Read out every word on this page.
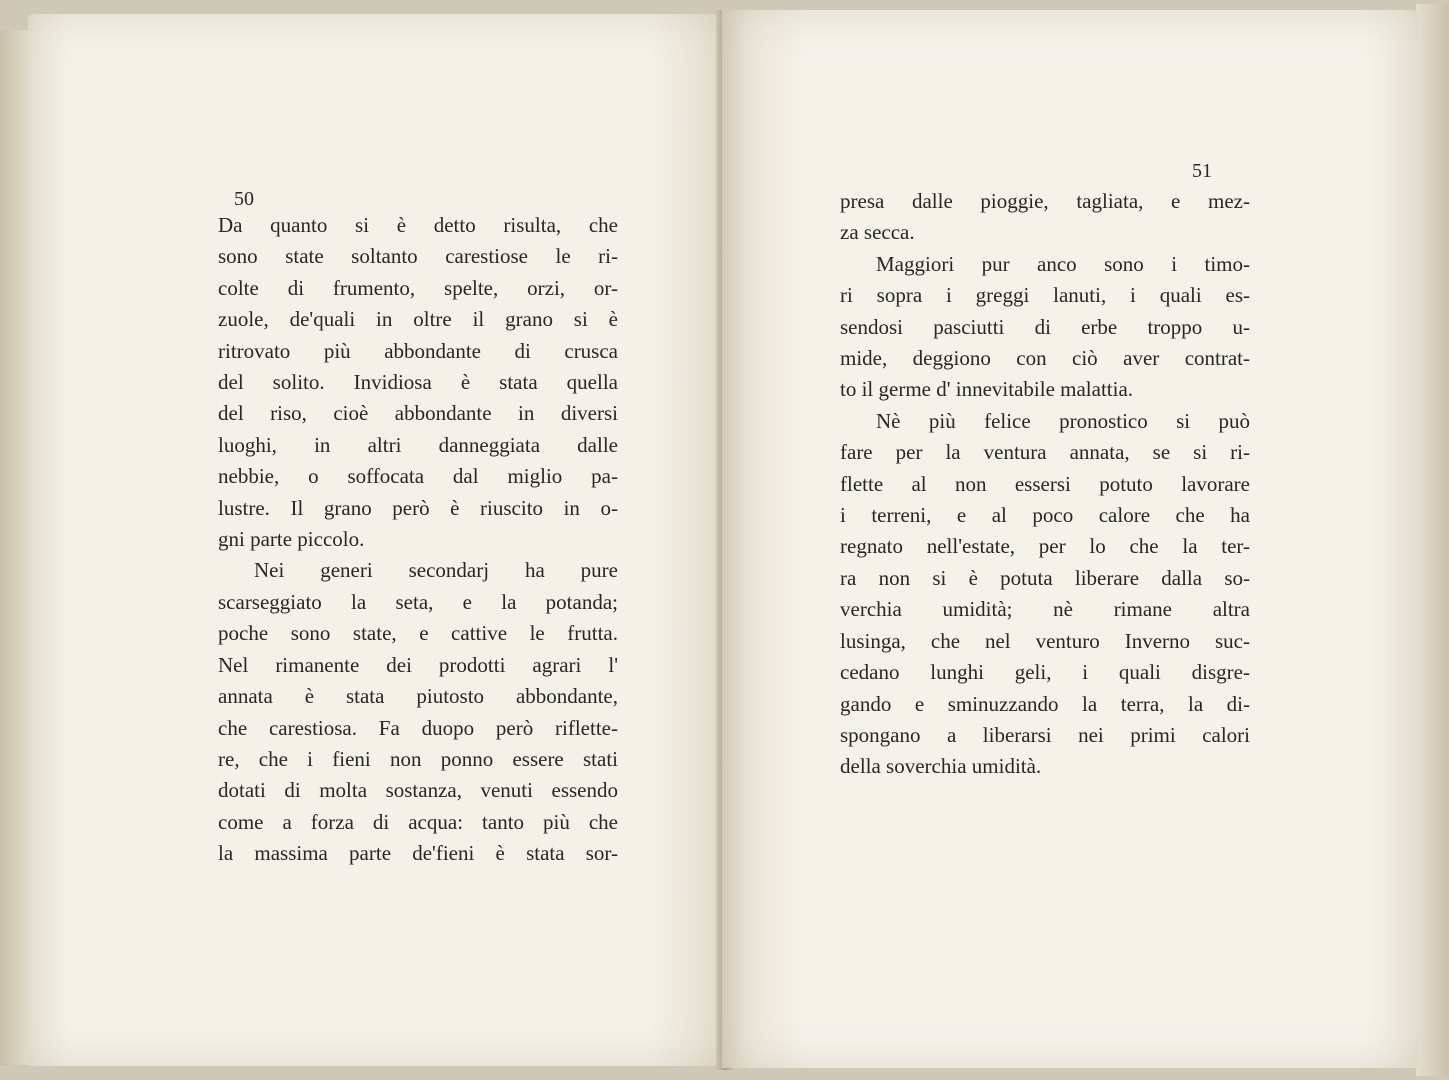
50
Da quanto si è detto risulta, che
sono state soltanto carestiose le ri-
colte di frumento, spelte, orzi, or-
zuole, de'quali in oltre il grano si è
ritrovato più abbondante di crusca
del solito. Invidiosa è stata quella
del riso, cioè abbondante in diversi
luoghi, in altri danneggiata dalle
nebbie, o soffocata dal miglio pa-
lustre. Il grano però è riuscito in o-
gni parte piccolo.
Nei generi secondarj ha pure
scarseggiato la seta, e la potanda;
poche sono state, e cattive le frutta.
Nel rimanente dei prodotti agrari l'
annata è stata piutosto abbondante,
che carestiosa. Fa duopo però riflette-
re, che i fieni non ponno essere stati
dotati di molta sostanza, venuti essendo
come a forza di acqua: tanto più che
la massima parte de'fieni è stata sor-
51
presa dalle pioggie, tagliata, e mez-
za secca.
Maggiori pur anco sono i timo-
ri sopra i greggi lanuti, i quali es-
sendosi pasciutti di erbe troppo u-
mide, deggiono con ciò aver contrat-
to il germe d' innevitabile malattia.
Nè più felice pronostico si può
fare per la ventura annata, se si ri-
flette al non essersi potuto lavorare
i terreni, e al poco calore che ha
regnato nell'estate, per lo che la ter-
ra non si è potuta liberare dalla so-
verchia umidità; nè rimane altra
lusinga, che nel venturo Inverno suc-
cedano lunghi geli, i quali disgre-
gando e sminuzzando la terra, la di-
spongano a liberarsi nei primi calori
della soverchia umidità.
